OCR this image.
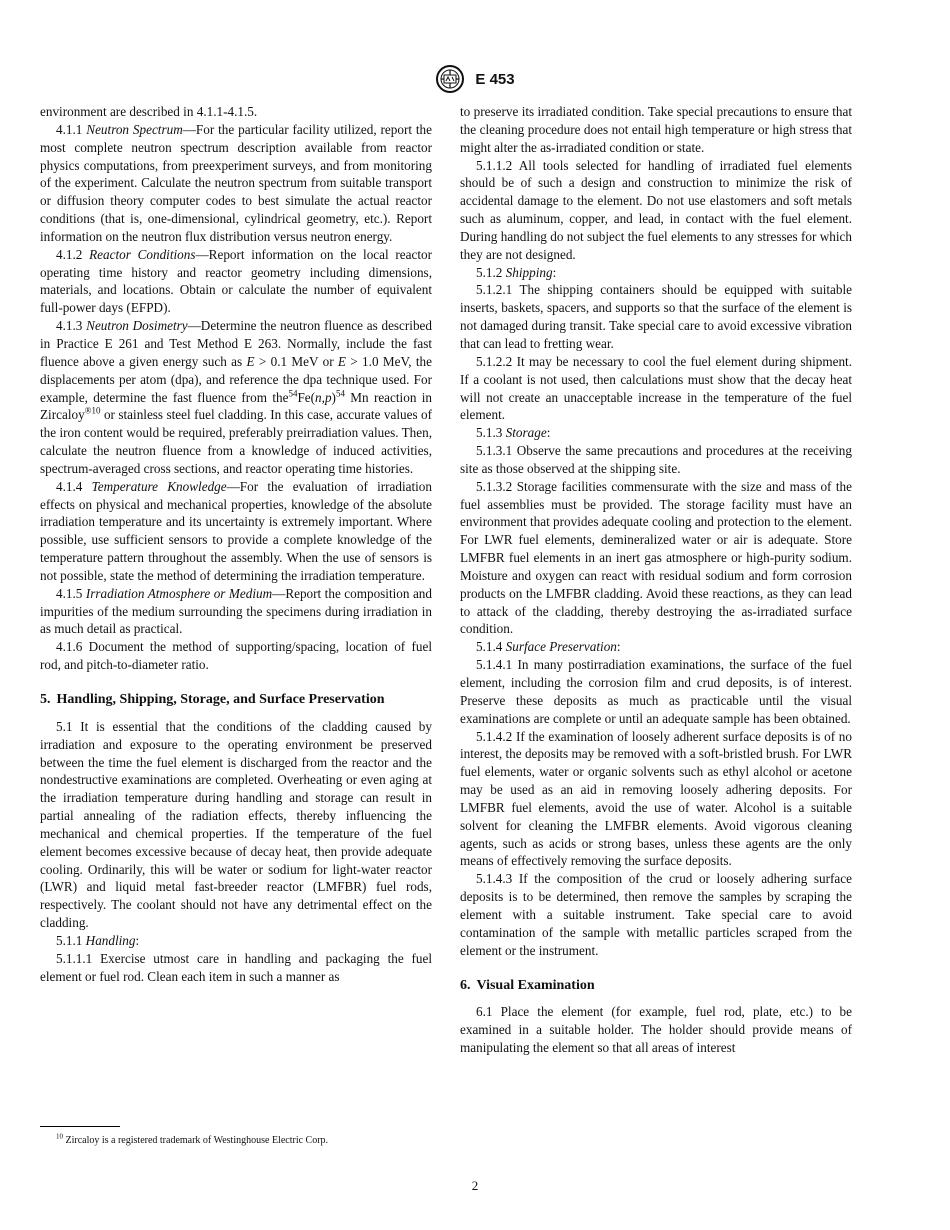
E 453

environment are described in 4.1.1-4.1.5.

4.1.1 Neutron Spectrum—For the particular facility utilized, report the most complete neutron spectrum description available from reactor physics computations, from preexperiment surveys, and from monitoring of the experiment. Calculate the neutron spectrum from suitable transport or diffusion theory computer codes to best simulate the actual reactor conditions (that is, one-dimensional, cylindrical geometry, etc.). Report information on the neutron flux distribution versus neutron energy.

4.1.2 Reactor Conditions—Report information on the local reactor operating time history and reactor geometry including dimensions, materials, and locations. Obtain or calculate the number of equivalent full-power days (EFPD).

4.1.3 Neutron Dosimetry—Determine the neutron fluence as described in Practice E 261 and Test Method E 263. Normally, include the fast fluence above a given energy such as E > 0.1 MeV or E > 1.0 MeV, the displacements per atom (dpa), and reference the dpa technique used. For example, determine the fast fluence from $the^{54}Fe(n,p)^{54}$ Mn reaction in Zircaloy$^{®10}$ or stainless steel fuel cladding. In this case, accurate values of the iron content would be required, preferably preirradiation values. Then, calculate the neutron fluence from a knowledge of induced activities, spectrum-averaged cross sections, and reactor operating time histories.

4.1.4 Temperature Knowledge—For the evaluation of irradiation effects on physical and mechanical properties, knowledge of the absolute irradiation temperature and its uncertainty is extremely important. Where possible, use sufficient sensors to provide a complete knowledge of the temperature pattern throughout the assembly. When the use of sensors is not possible, state the method of determining the irradiation temperature.

4.1.5 Irradiation Atmosphere or Medium—Report the composition and impurities of the medium surrounding the specimens during irradiation in as much detail as practical.

4.1.6 Document the method of supporting/spacing, location of fuel rod, and pitch-to-diameter ratio.

5. Handling, Shipping, Storage, and Surface Preservation

5.1 It is essential that the conditions of the cladding caused by irradiation and exposure to the operating environment be preserved between the time the fuel element is discharged from the reactor and the nondestructive examinations are completed. Overheating or even aging at the irradiation temperature during handling and storage can result in partial annealing of the radiation effects, thereby influencing the mechanical and chemical properties. If the temperature of the fuel element becomes excessive because of decay heat, then provide adequate cooling. Ordinarily, this will be water or sodium for light-water reactor (LWR) and liquid metal fast-breeder reactor (LMFBR) fuel rods, respectively. The coolant should not have any detrimental effect on the cladding.

5.1.1 Handling:

5.1.1.1 Exercise utmost care in handling and packaging the fuel element or fuel rod. Clean each item in such a manner as

to preserve its irradiated condition. Take special precautions to ensure that the cleaning procedure does not entail high temperature or high stress that might alter the as-irradiated condition or state.

5.1.1.2 All tools selected for handling of irradiated fuel elements should be of such a design and construction to minimize the risk of accidental damage to the element. Do not use elastomers and soft metals such as aluminum, copper, and lead, in contact with the fuel element. During handling do not subject the fuel elements to any stresses for which they are not designed.

5.1.2 Shipping:

5.1.2.1 The shipping containers should be equipped with suitable inserts, baskets, spacers, and supports so that the surface of the element is not damaged during transit. Take special care to avoid excessive vibration that can lead to fretting wear.

5.1.2.2 It may be necessary to cool the fuel element during shipment. If a coolant is not used, then calculations must show that the decay heat will not create an unacceptable increase in the temperature of the fuel element.

5.1.3 Storage:

5.1.3.1 Observe the same precautions and procedures at the receiving site as those observed at the shipping site.

5.1.3.2 Storage facilities commensurate with the size and mass of the fuel assemblies must be provided. The storage facility must have an environment that provides adequate cooling and protection to the element. For LWR fuel elements, demineralized water or air is adequate. Store LMFBR fuel elements in an inert gas atmosphere or high-purity sodium. Moisture and oxygen can react with residual sodium and form corrosion products on the LMFBR cladding. Avoid these reactions, as they can lead to attack of the cladding, thereby destroying the as-irradiated surface condition.

5.1.4 Surface Preservation:

5.1.4.1 In many postirradiation examinations, the surface of the fuel element, including the corrosion film and crud deposits, is of interest. Preserve these deposits as much as practicable until the visual examinations are complete or until an adequate sample has been obtained.

5.1.4.2 If the examination of loosely adherent surface deposits is of no interest, the deposits may be removed with a soft-bristled brush. For LWR fuel elements, water or organic solvents such as ethyl alcohol or acetone may be used as an aid in removing loosely adhering deposits. For LMFBR fuel elements, avoid the use of water. Alcohol is a suitable solvent for cleaning the LMFBR elements. Avoid vigorous cleaning agents, such as acids or strong bases, unless these agents are the only means of effectively removing the surface deposits.

5.1.4.3 If the composition of the crud or loosely adhering surface deposits is to be determined, then remove the samples by scraping the element with a suitable instrument. Take special care to avoid contamination of the sample with metallic particles scraped from the element or the instrument.

6. Visual Examination

6.1 Place the element (for example, fuel rod, plate, etc.) to be examined in a suitable holder. The holder should provide means of manipulating the element so that all areas of interest

$^{10}$ Zircaloy is a registered trademark of Westinghouse Electric Corp.
2
